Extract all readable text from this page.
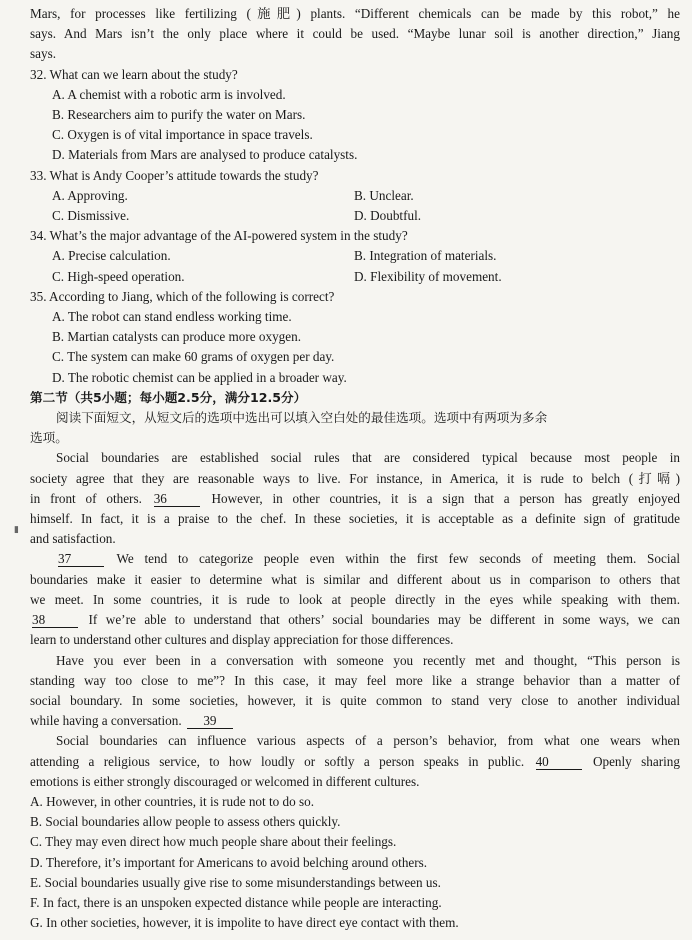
Mars, for processes like fertilizing (施肥) plants. “Different chemicals can be made by this robot,” he
says. And Mars isn’t the only place where it could be used. “Maybe lunar soil is another direction,” Jiang
says.
32. What can we learn about the study?
A. A chemist with a robotic arm is involved.
B. Researchers aim to purify the water on Mars.
C. Oxygen is of vital importance in space travels.
D. Materials from Mars are analysed to produce catalysts.
33. What is Andy Cooper’s attitude towards the study?
A. Approving.	B. Unclear.
C. Dismissive.	D. Doubtful.
34. What’s the major advantage of the AI-powered system in the study?
A. Precise calculation.	B. Integration of materials.
C. High-speed operation.	D. Flexibility of movement.
35. According to Jiang, which of the following is correct?
A. The robot can stand endless working time.
B. Martian catalysts can produce more oxygen.
C. The system can make 60 grams of oxygen per day.
D. The robotic chemist can be applied in a broader way.
第二节（共5小题；每小题2.5分，满分12.5分）
阅读下面短文，从短文后的选项中选出可以填入空白处的最佳选项。选项中有两项为多余
选项。
Social boundaries are established social rules that are considered typical because most people in
society agree that they are reasonable ways to live. For instance, in America, it is rude to belch (打嗝)
in front of others. 36	However, in other countries, it is a sign that a person has greatly enjoyed
himself. In fact, it is a praise to the chef. In these societies, it is acceptable as a definite sign of gratitude
and satisfaction.
37	We tend to categorize people even within the first few seconds of meeting them. Social
boundaries make it easier to determine what is similar and different about us in comparison to others that
we meet. In some countries, it is rude to look at people directly in the eyes while speaking with them.
38	If we’re able to understand that others’ social boundaries may be different in some ways, we can
learn to understand other cultures and display appreciation for those differences.
Have you ever been in a conversation with someone you recently met and thought, “This person is
standing way too close to me”? In this case, it may feel more like a strange behavior than a matter of
social boundary. In some societies, however, it is quite common to stand very close to another individual
while having a conversation. 39
Social boundaries can influence various aspects of a person’s behavior, from what one wears when
attending a religious service, to how loudly or softly a person speaks in public. 40	Openly sharing
emotions is either strongly discouraged or welcomed in different cultures.
A. However, in other countries, it is rude not to do so.
B. Social boundaries allow people to assess others quickly.
C. They may even direct how much people share about their feelings.
D. Therefore, it’s important for Americans to avoid belching around others.
E. Social boundaries usually give rise to some misunderstandings between us.
F. In fact, there is an unspoken expected distance while people are interacting.
G. In other societies, however, it is impolite to have direct eye contact with them.
▮
